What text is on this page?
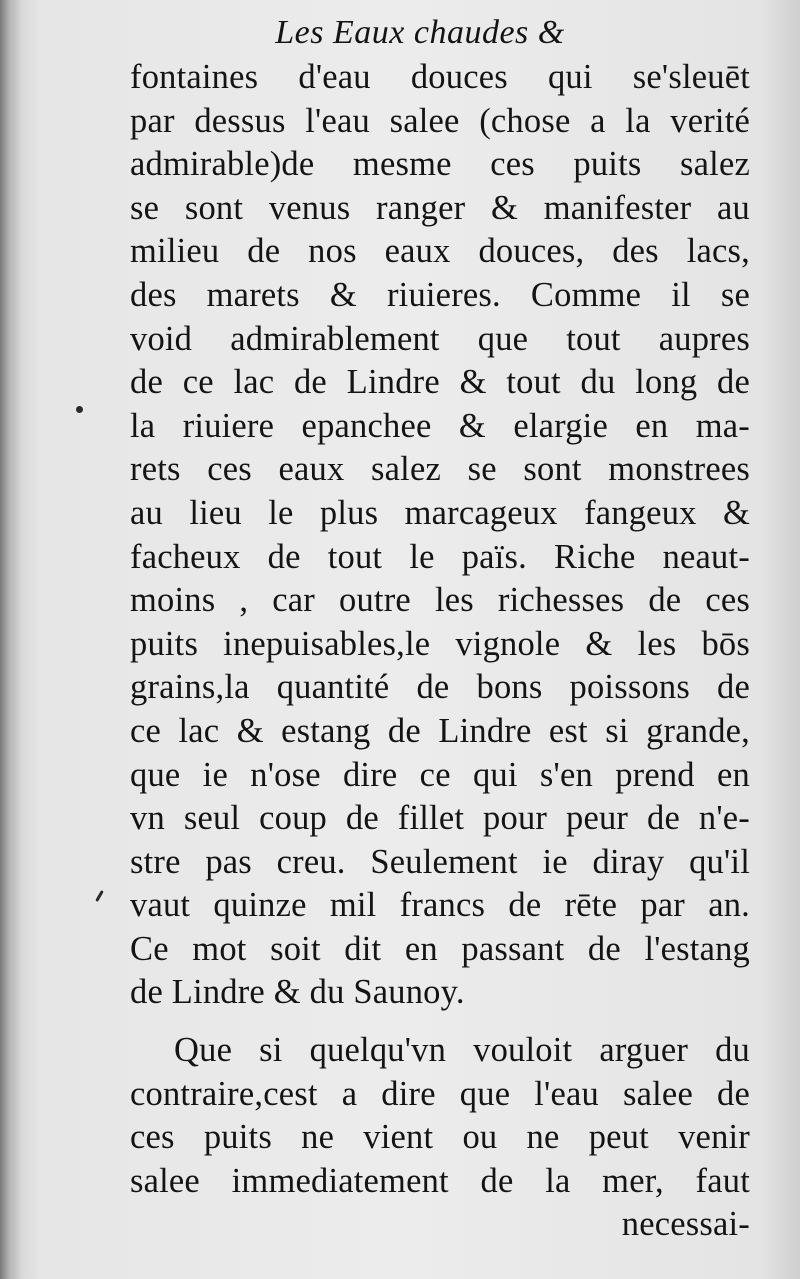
Les Eaux chaudes &
fontaines d'eau douces qui se'sleuēt
par dessus l'eau salee (chose a la verité
admirable)de mesme ces puits salez
se sont venus ranger & manifester au
milieu de nos eaux douces, des lacs,
des marets & riuieres. Comme il se
void admirablement que tout aupres
de ce lac de Lindre & tout du long de
la riuiere epanchee & elargie en ma-
rets ces eaux salez se sont monstrees
au lieu le plus marcageux fangeux &
facheux de tout le païs. Riche neaut-
moins , car outre les richesses de ces
puits inepuisables,le vignole & les bōs
grains,la quantité de bons poissons de
ce lac & estang de Lindre est si grande,
que ie n'ose dire ce qui s'en prend en
vn seul coup de fillet pour peur de n'e-
stre pas creu. Seulement ie diray qu'il
vaut quinze mil francs de rēte par an.
Ce mot soit dit en passant de l'estang
de Lindre & du Saunoy.
Que si quelqu'vn vouloit arguer du
contraire,cest a dire que l'eau salee de
ces puits ne vient ou ne peut venir
salee immediatement de la mer, faut
necessai-
